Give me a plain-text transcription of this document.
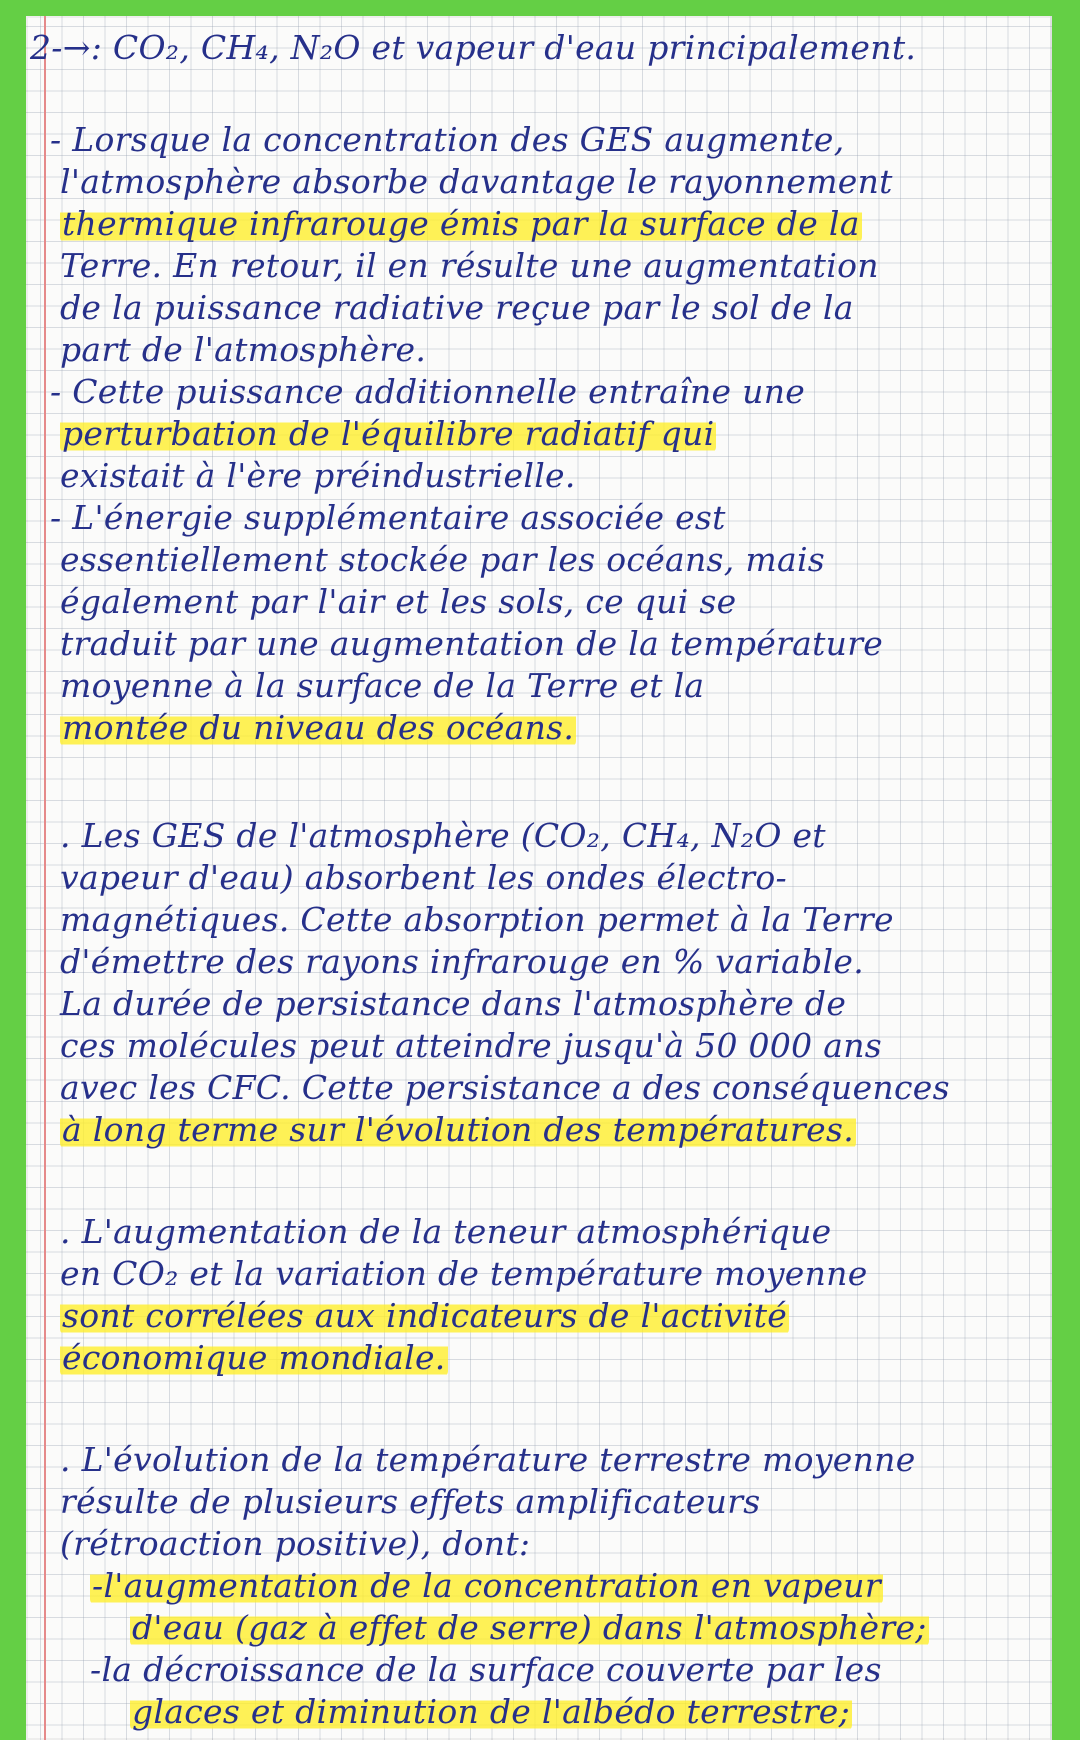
2-→: CO₂, CH₄, N₂O et vapeur d'eau principalement.
- Lorsque la concentration des GES augmente,
l'atmosphère absorbe davantage le rayonnement
thermique infrarouge émis par la surface de la
Terre. En retour, il en résulte une augmentation
de la puissance radiative reçue par le sol de la
part de l'atmosphère.
- Cette puissance additionnelle entraîne une
perturbation de l'équilibre radiatif qui
existait à l'ère préindustrielle.
- L'énergie supplémentaire associée est
essentiellement stockée par les océans, mais
également par l'air et les sols, ce qui se
traduit par une augmentation de la température
moyenne à la surface de la Terre et la
montée du niveau des océans.
. Les GES de l'atmosphère (CO₂, CH₄, N₂O et
vapeur d'eau) absorbent les ondes électro-
magnétiques. Cette absorption permet à la Terre
d'émettre des rayons infrarouge en % variable.
La durée de persistance dans l'atmosphère de
ces molécules peut atteindre jusqu'à 50 000 ans
avec les CFC. Cette persistance a des conséquences
à long terme sur l'évolution des températures.
. L'augmentation de la teneur atmosphérique
en CO₂ et la variation de température moyenne
sont corrélées aux indicateurs de l'activité
économique mondiale.
. L'évolution de la température terrestre moyenne
résulte de plusieurs effets amplificateurs
(rétroaction positive), dont:
-l'augmentation de la concentration en vapeur
d'eau (gaz à effet de serre) dans l'atmosphère;
-la décroissance de la surface couverte par les
glaces et diminution de l'albédo terrestre;
